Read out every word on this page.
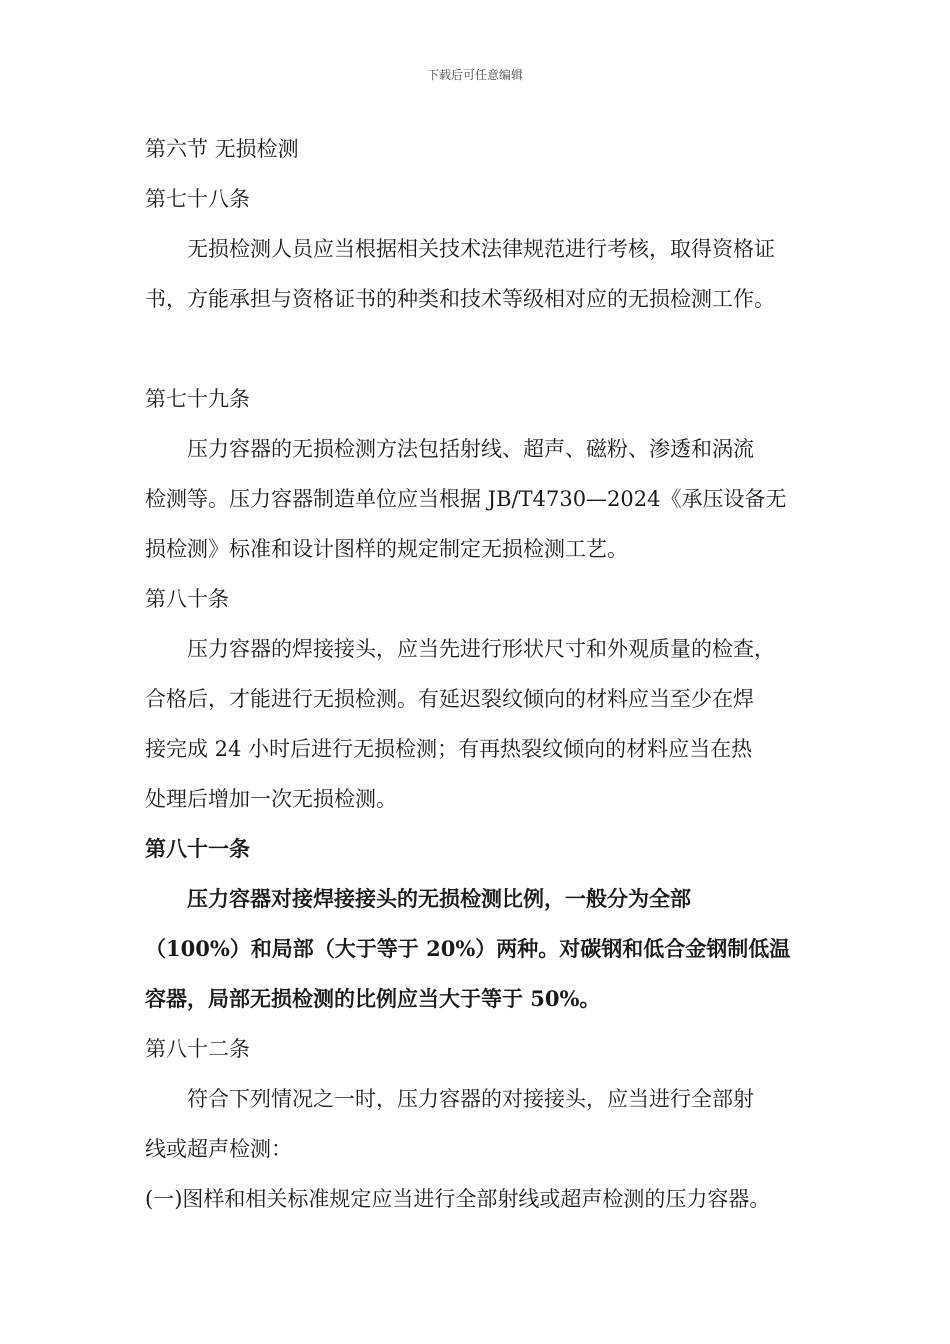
下载后可任意编辑
第六节 无损检测
第七十八条
无损检测人员应当根据相关技术法律规范进行考核，取得资格证
书，方能承担与资格证书的种类和技术等级相对应的无损检测工作。
第七十九条
压力容器的无损检测方法包括射线、超声、磁粉、渗透和涡流
检测等。压力容器制造单位应当根据 JB/T4730—2024《承压设备无
损检测》标准和设计图样的规定制定无损检测工艺。
第八十条
压力容器的焊接接头，应当先进行形状尺寸和外观质量的检查，
合格后，才能进行无损检测。有延迟裂纹倾向的材料应当至少在焊
接完成 24 小时后进行无损检测；有再热裂纹倾向的材料应当在热
处理后增加一次无损检测。
第八十一条
压力容器对接焊接接头的无损检测比例，一般分为全部
（100%）和局部（大于等于 20%）两种。对碳钢和低合金钢制低温
容器，局部无损检测的比例应当大于等于 50%。
第八十二条
符合下列情况之一时，压力容器的对接接头，应当进行全部射
线或超声检测：
(一)图样和相关标准规定应当进行全部射线或超声检测的压力容器。
